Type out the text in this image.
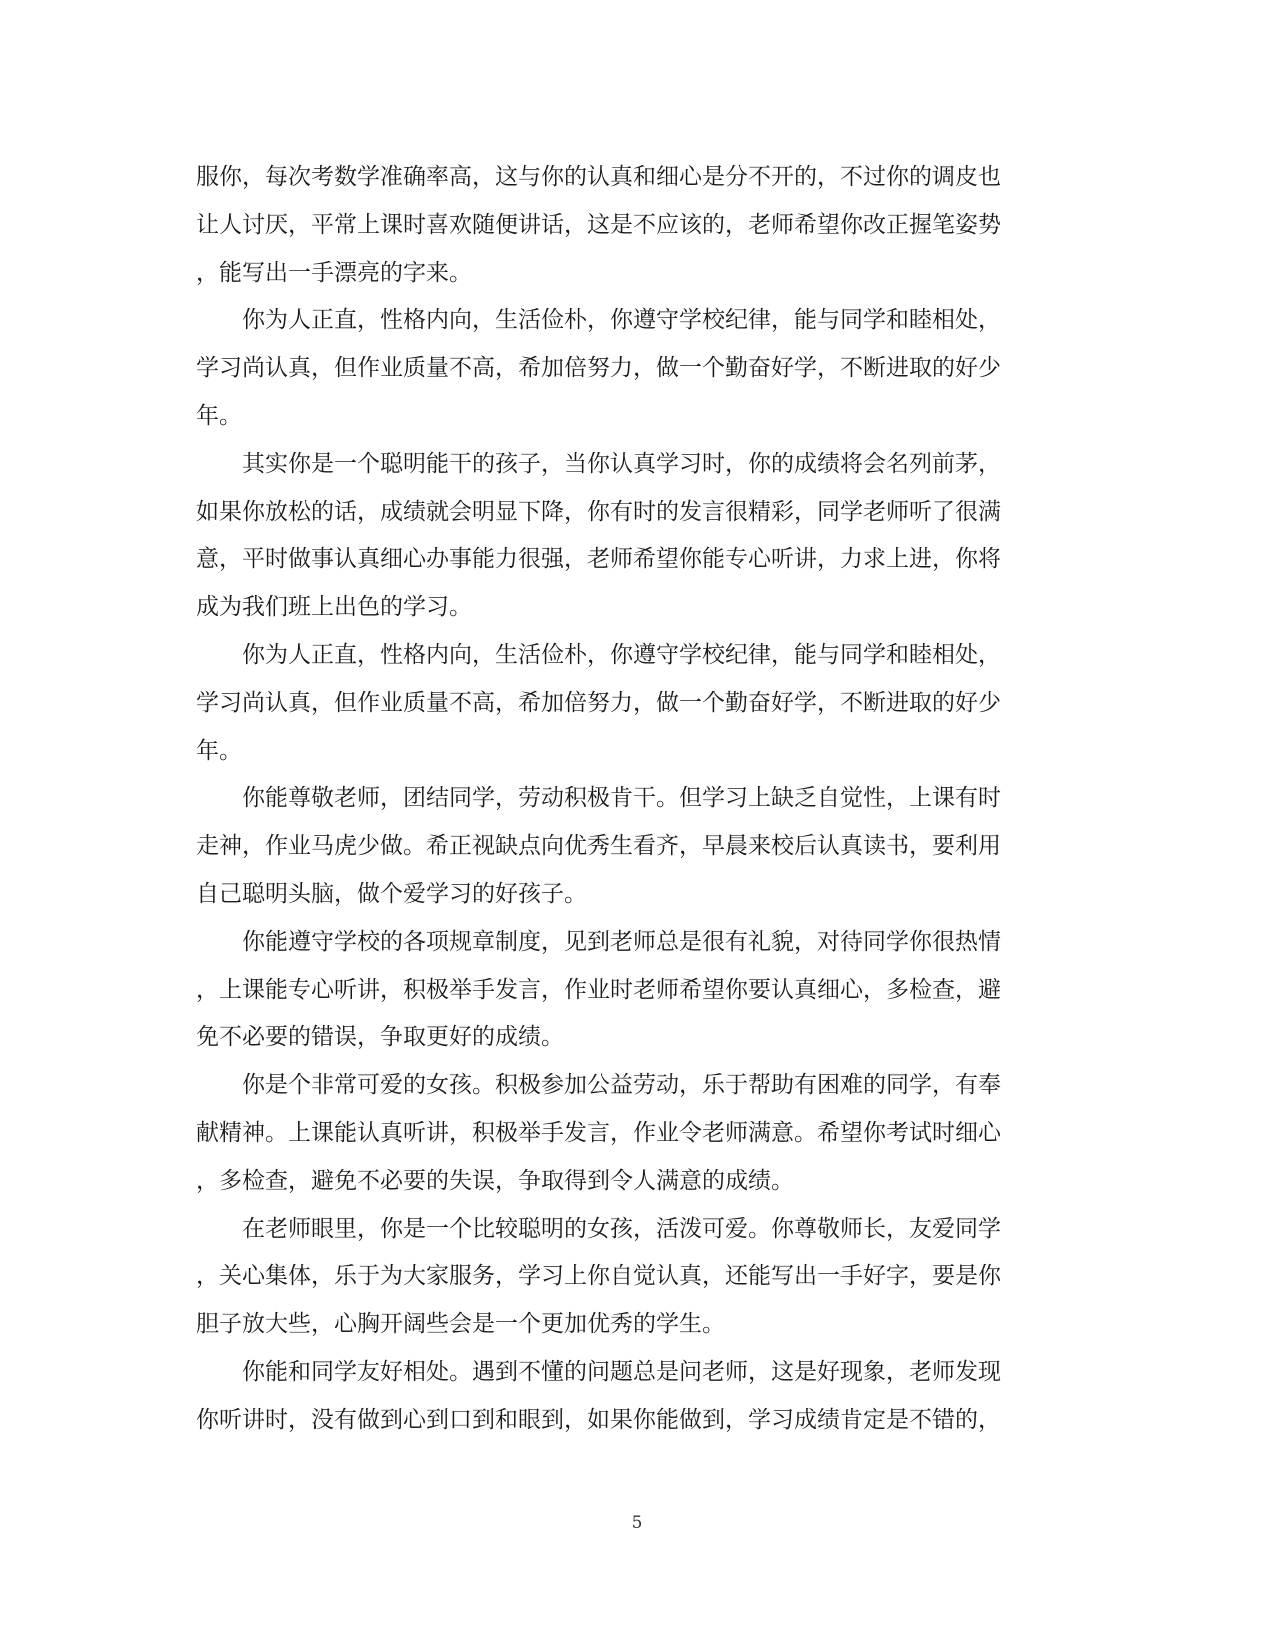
服你，每次考数学准确率高，这与你的认真和细心是分不开的，不过你的调皮也
让人讨厌，平常上课时喜欢随便讲话，这是不应该的，老师希望你改正握笔姿势
，能写出一手漂亮的字来。
你为人正直，性格内向，生活俭朴，你遵守学校纪律，能与同学和睦相处，
学习尚认真，但作业质量不高，希加倍努力，做一个勤奋好学，不断进取的好少
年。
其实你是一个聪明能干的孩子，当你认真学习时，你的成绩将会名列前茅，
如果你放松的话，成绩就会明显下降，你有时的发言很精彩，同学老师听了很满
意，平时做事认真细心办事能力很强，老师希望你能专心听讲，力求上进，你将
成为我们班上出色的学习。
你为人正直，性格内向，生活俭朴，你遵守学校纪律，能与同学和睦相处，
学习尚认真，但作业质量不高，希加倍努力，做一个勤奋好学，不断进取的好少
年。
你能尊敬老师，团结同学，劳动积极肯干。但学习上缺乏自觉性，上课有时
走神，作业马虎少做。希正视缺点向优秀生看齐，早晨来校后认真读书，要利用
自己聪明头脑，做个爱学习的好孩子。
你能遵守学校的各项规章制度，见到老师总是很有礼貌，对待同学你很热情
，上课能专心听讲，积极举手发言，作业时老师希望你要认真细心，多检查，避
免不必要的错误，争取更好的成绩。
你是个非常可爱的女孩。积极参加公益劳动，乐于帮助有困难的同学，有奉
献精神。上课能认真听讲，积极举手发言，作业令老师满意。希望你考试时细心
，多检查，避免不必要的失误，争取得到令人满意的成绩。
在老师眼里，你是一个比较聪明的女孩，活泼可爱。你尊敬师长，友爱同学
，关心集体，乐于为大家服务，学习上你自觉认真，还能写出一手好字，要是你
胆子放大些，心胸开阔些会是一个更加优秀的学生。
你能和同学友好相处。遇到不懂的问题总是问老师，这是好现象，老师发现
你听讲时，没有做到心到口到和眼到，如果你能做到，学习成绩肯定是不错的，
5
